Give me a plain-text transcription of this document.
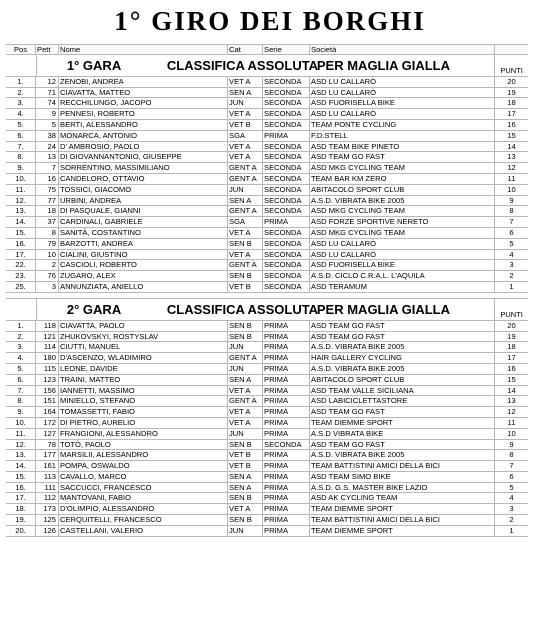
1° GIRO DEI BORGHI
Pos	Pett	Nome	Cat	Serie	Società
1° GARA	CLASSIFICA ASSOLUTA
PER MAGLIA GIALLA	PUNTI
1.	12 ZENOBI, ANDREA	VET A	SECONDA	ASD LU CALLARÒ	20
2.	71 CIAVATTA, MATTEO	SEN A	SECONDA	ASD LU CALLARÒ	19
3.	74 RECCHILUNGO, JACOPO	JUN	SECONDA	ASD FUORISELLA BIKE	18
4.	9 PENNESI, ROBERTO	VET A	SECONDA	ASD LU CALLARÒ	17
5.	5 BERTI, ALESSANDRO	VET B	SECONDA	TEAM PONTE CYCLING	16
6.	38 MONARCA, ANTONIO	SGA	PRIMA	F.D.STELL	15
7.	24 D' AMBROSIO, PAOLO	VET A	SECONDA	ASD TEAM BIKE PINETO	14
8.	13 DI GIOVANNANTONIO, GIUSEPPE	VET A	SECONDA	ASD TEAM GO FAST	13
9.	7 SORRENTINO, MASSIMILIANO	GENT A SECONDA	ASD MKG CYCLING TEAM	12
10.	16 CANDELORO, OTTAVIO	GENT A SECONDA	TEAM BAR KM ZERO	11
11.	75 TOSSICI, GIACOMO	JUN	SECONDA	ABITACOLO SPORT CLUB	10
12.	77 URBINI, ANDREA	SEN A	SECONDA	A.S.D. VIBRATA BIKE 2005	9
13.	18 DI PASQUALE, GIANNI	GENT A SECONDA	ASD MKG CYCLING TEAM	8
14.	37 CARDINALI, GABRIELE	SGA	PRIMA	ASD FORZE SPORTIVE NERETO	7
15.	8 SANITÀ, COSTANTINO	VET A	SECONDA	ASD MKG CYCLING TEAM	6
16.	79 BARZOTTI, ANDREA	SEN B	SECONDA	ASD LU CALLARÒ	5
17.	10 CIALINI, GIUSTINO	VET A	SECONDA	ASD LU CALLARÒ	4
22.	2 CASCIOLI, ROBERTO	GENT A SECONDA	ASD FUORISELLA BIKE	3
23.	76 ZUGARO, ALEX	SEN B	SECONDA	A.S.D. CICLO C.R.A.L. L'AQUILA	2
25.	3 ANNUNZIATA, ANIELLO	VET B	SECONDA	ASD TERAMUM	1
2° GARA	CLASSIFICA ASSOLUTA
PER MAGLIA GIALLA	PUNTI
1.	118 CIAVATTA, PAOLO	SEN B	PRIMA	ASD TEAM GO FAST	20
2.	121 ZHUKOVSKYI, ROSTYSLAV	SEN B	PRIMA	ASD TEAM GO FAST	19
3.	114 CIUTTI, MANUEL	JUN	PRIMA	A.S.D. VIBRATA BIKE 2005	18
4.	180 D'ASCENZO, WLADIMIRO	GENT A PRIMA	HAIR GALLERY CYCLING	17
5.	115 LEONE, DAVIDE	JUN	PRIMA	A.S.D. VIBRATA BIKE 2005	16
6.	123 TRAINI, MATTEO	SEN A	PRIMA	ABITACOLO SPORT CLUB	15
7.	156 IANNETTI, MASSIMO	VET A	PRIMA	ASD TEAM VALLE SICILIANA	14
8.	151 MINIELLO, STEFANO	GENT A PRIMA	ASD LABICICLETTASTORE	13
9.	164 TOMASSETTI, FABIO	VET A	PRIMA	ASD TEAM GO FAST	12
10.	172 DI PIETRO, AURELIO	VET A	PRIMA	TEAM DIEMME SPORT	11
11.	127 FRANGIONI, ALESSANDRO	JUN	PRIMA	A.S.D VIBRATA BIKE	10
12.	78 TOTÒ, PAOLO	SEN B	SECONDA	ASD TEAM GO FAST	9
13.	177 MARSILII, ALESSANDRO	VET B	PRIMA	A.S.D. VIBRATA BIKE 2005	8
14.	161 POMPA, OSWALDO	VET B	PRIMA	TEAM BATTISTINI AMICI DELLA BICI	7
15.	113 CAVALLO, MARCO	SEN A	PRIMA	ASD TEAM SIMO BIKE	6
16.	111 SACCUCCI, FRANCESCO	SEN A	PRIMA	A.S.D. G.S. MASTER BIKE LAZIO	5
17.	112 MANTOVANI, FABIO	SEN B	PRIMA	ASD AK CYCLING TEAM	4
18.	173 D'OLIMPIO, ALESSANDRO	VET A	PRIMA	TEAM DIEMME SPORT	3
19.	125 CERQUITELLI, FRANCESCO	SEN B	PRIMA	TEAM BATTISTINI AMICI DELLA BICI	2
20.	126 CASTELLANI, VALERIO	JUN	PRIMA	TEAM DIEMME SPORT	1
